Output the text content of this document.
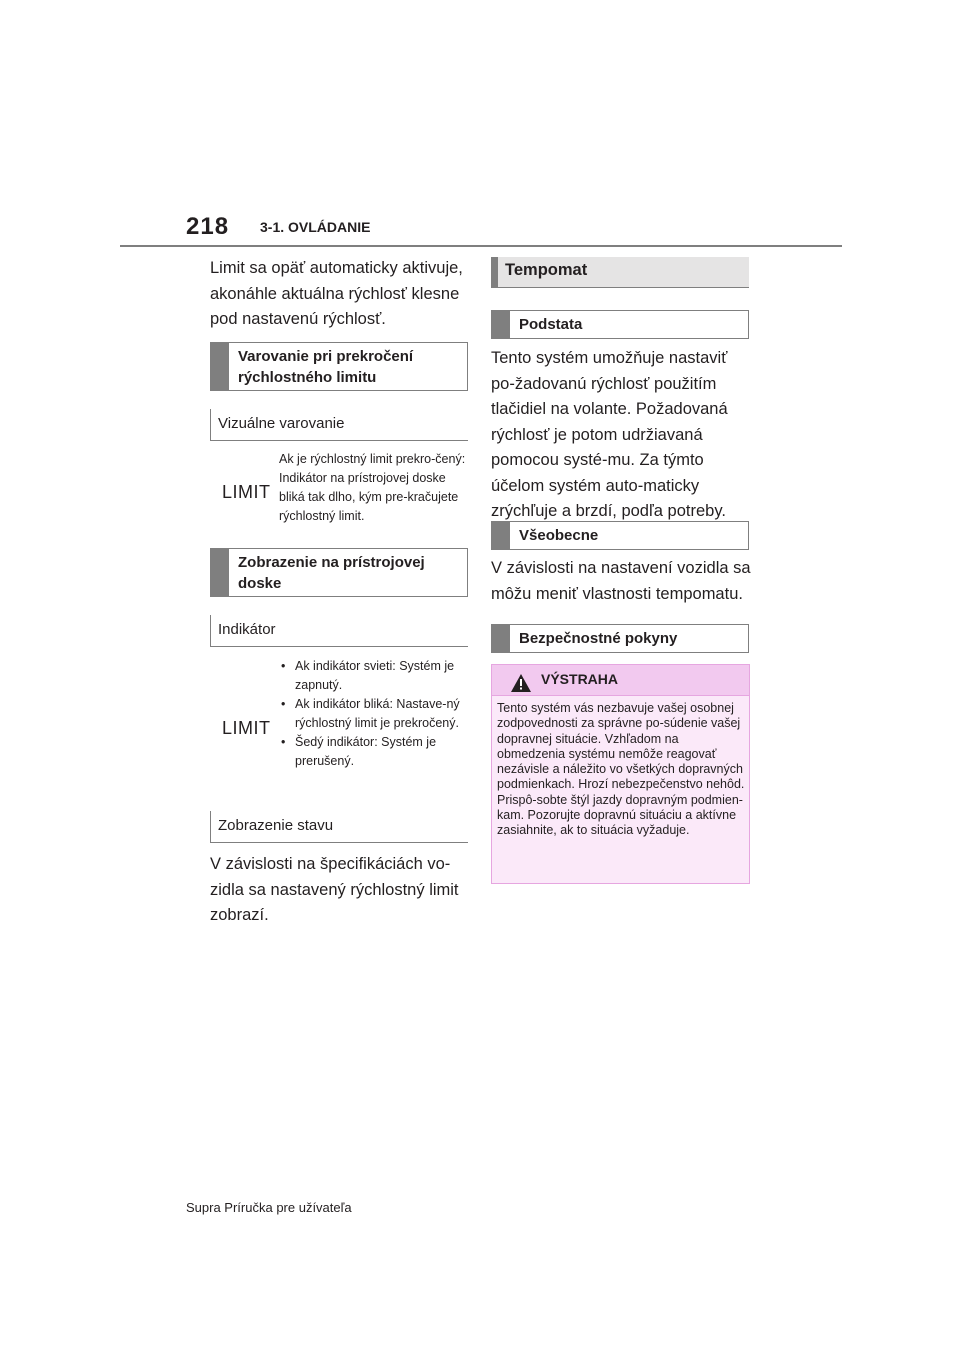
218 3-1. OVLÁDANIE

Limit sa opäť automaticky aktivuje, akonáhle aktuálna rýchlosť klesne pod nastavenú rýchlosť.

Varovanie pri prekročení rýchlostného limitu
Vizuálne varovanie
LIMIT

Ak je rýchlostný limit prekro-čený: Indikátor na prístrojovej doske bliká tak dlho, kým pre-kračujete rýchlostný limit.

Zobrazenie na prístrojovej doske
Indikátor
LIMIT
• Ak indikátor svieti: Systém je zapnutý.
• Ak indikátor bliká: Nastave-ný rýchlostný limit je prekročený.
• Šedý indikátor: Systém je prerušený.
Zobrazenie stavu

V závislosti na špecifikáciách vo-zidla sa nastavený rýchlostný limit zobrazí.

Tempomat
Podstata

Tento systém umožňuje nastaviť po-žadovanú rýchlosť použitím tlačidiel na volante. Požadovaná rýchlosť je potom udržiavaná pomocou systé-mu. Za týmto účelom systém auto-maticky zrýchľuje a brzdí, podľa potreby.

Všeobecne

V závislosti na nastavení vozidla sa môžu meniť vlastnosti tempomatu.

Bezpečnostné pokyny
VÝSTRAHA

Tento systém vás nezbavuje vašej osobnej zodpovednosti za správne po-súdenie vašej dopravnej situácie. Vzhľadom na obmedzenia systému nemôže reagovať nezávisle a náležito vo všetkých dopravných podmienkach. Hrozí nebezpečenstvo nehôd. Prispô-sobte štýl jazdy dopravným podmien-kam. Pozorujte dopravnú situáciu a aktívne zasiahnite, ak to situácia vyžaduje.

Supra Príručka pre užívateľa
